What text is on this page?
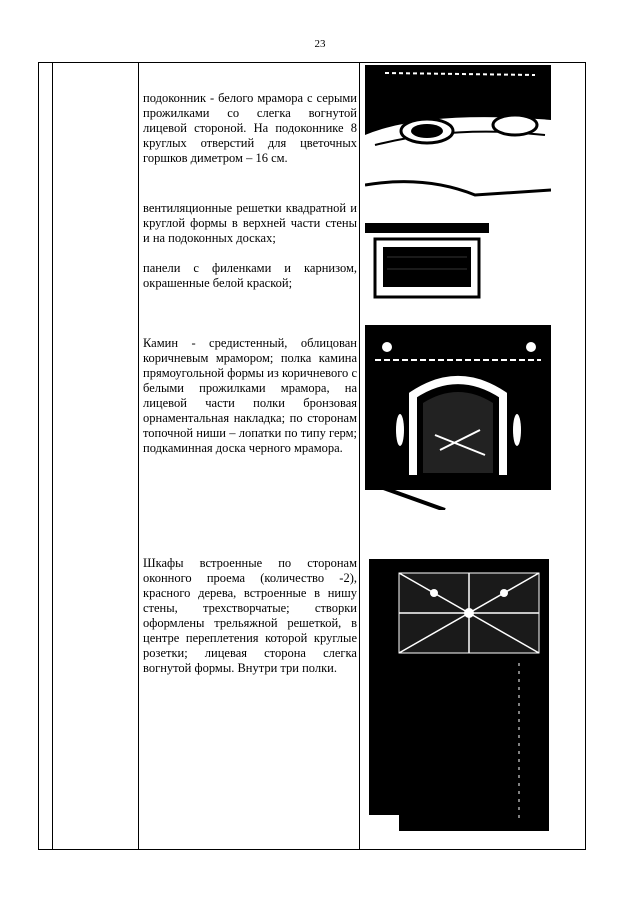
23

подоконник - белого мрамора с серыми прожилками со слегка вогнутой лицевой стороной. На подоконнике 8 круглых отверстий для цветочных горшков диметром – 16 см.

вентиляционные решетки квадратной и круглой формы в верхней части стены и на подоконных досках;

панели с филенками и карнизом, окрашенные белой краской;

Камин - средистенный, облицован коричневым мрамором; полка камина прямоугольной формы из коричневого с белыми прожилками мрамора, на лицевой части полки бронзовая орнаментальная накладка; по сторонам топочной ниши – лопатки по типу герм; подкаминная доска черного мрамора.

Шкафы встроенные по сторонам оконного проема (количество -2), красного дерева, встроенные в нишу стены, трехстворчатые; створки оформлены трельяжной решеткой, в центре переплетения которой круглые розетки; лицевая сторона слегка вогнутой формы. Внутри три полки.
